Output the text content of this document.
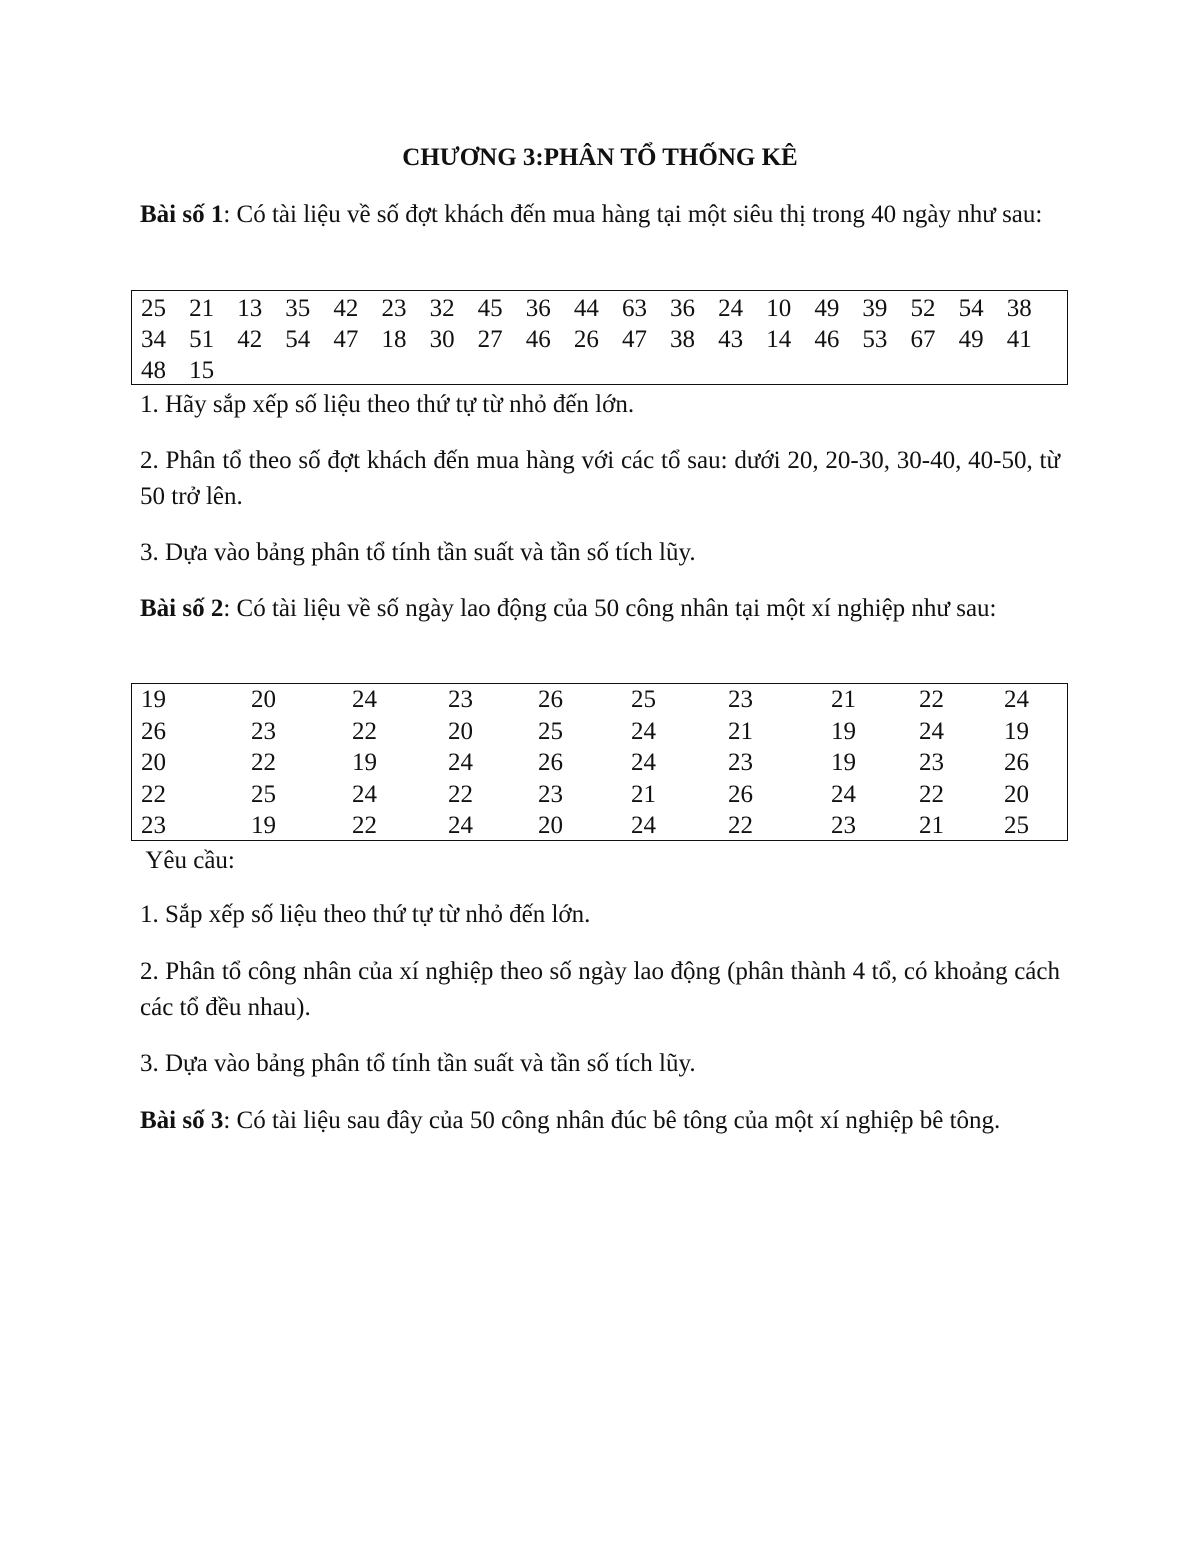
CHƯƠNG 3:PHÂN TỔ THỐNG KÊ
Bài số 1: Có tài liệu về số đợt khách đến mua hàng tại một siêu thị trong 40 ngày như sau:
25 21 13 35 42 23 32 45 36 44 63 36 24 10 49 39 52 54 38
34 51 42 54 47 18 30 27 46 26 47 38 43 14 46 53 67 49 41
48 15
1. Hãy sắp xếp số liệu theo thứ tự từ nhỏ đến lớn.
2. Phân tổ theo số đợt khách đến mua hàng với các tổ sau: dưới 20, 20-30, 30-40, 40-50, từ 50 trở lên.
3. Dựa vào bảng phân tổ tính tần suất và tần số tích lũy.
Bài số 2: Có tài liệu về số ngày lao động của 50 công nhân tại một xí nghiệp như sau:
19	20	24	23	26	25	23	21	22	24
26	23	22	20	25	24	21	19	24	19
20	22	19	24	26	24	23	19	23	26
22	25	24	22	23	21	26	24	22	20
23	19	22	24	20	24	22	23	21	25
Yêu cầu:
1. Sắp xếp số liệu theo thứ tự từ nhỏ đến lớn.
2. Phân tổ công nhân của xí nghiệp theo số ngày lao động (phân thành 4 tổ, có khoảng cách các tổ đều nhau).
3. Dựa vào bảng phân tổ tính tần suất và tần số tích lũy.
Bài số 3: Có tài liệu sau đây của 50 công nhân đúc bê tông của một xí nghiệp bê tông.
